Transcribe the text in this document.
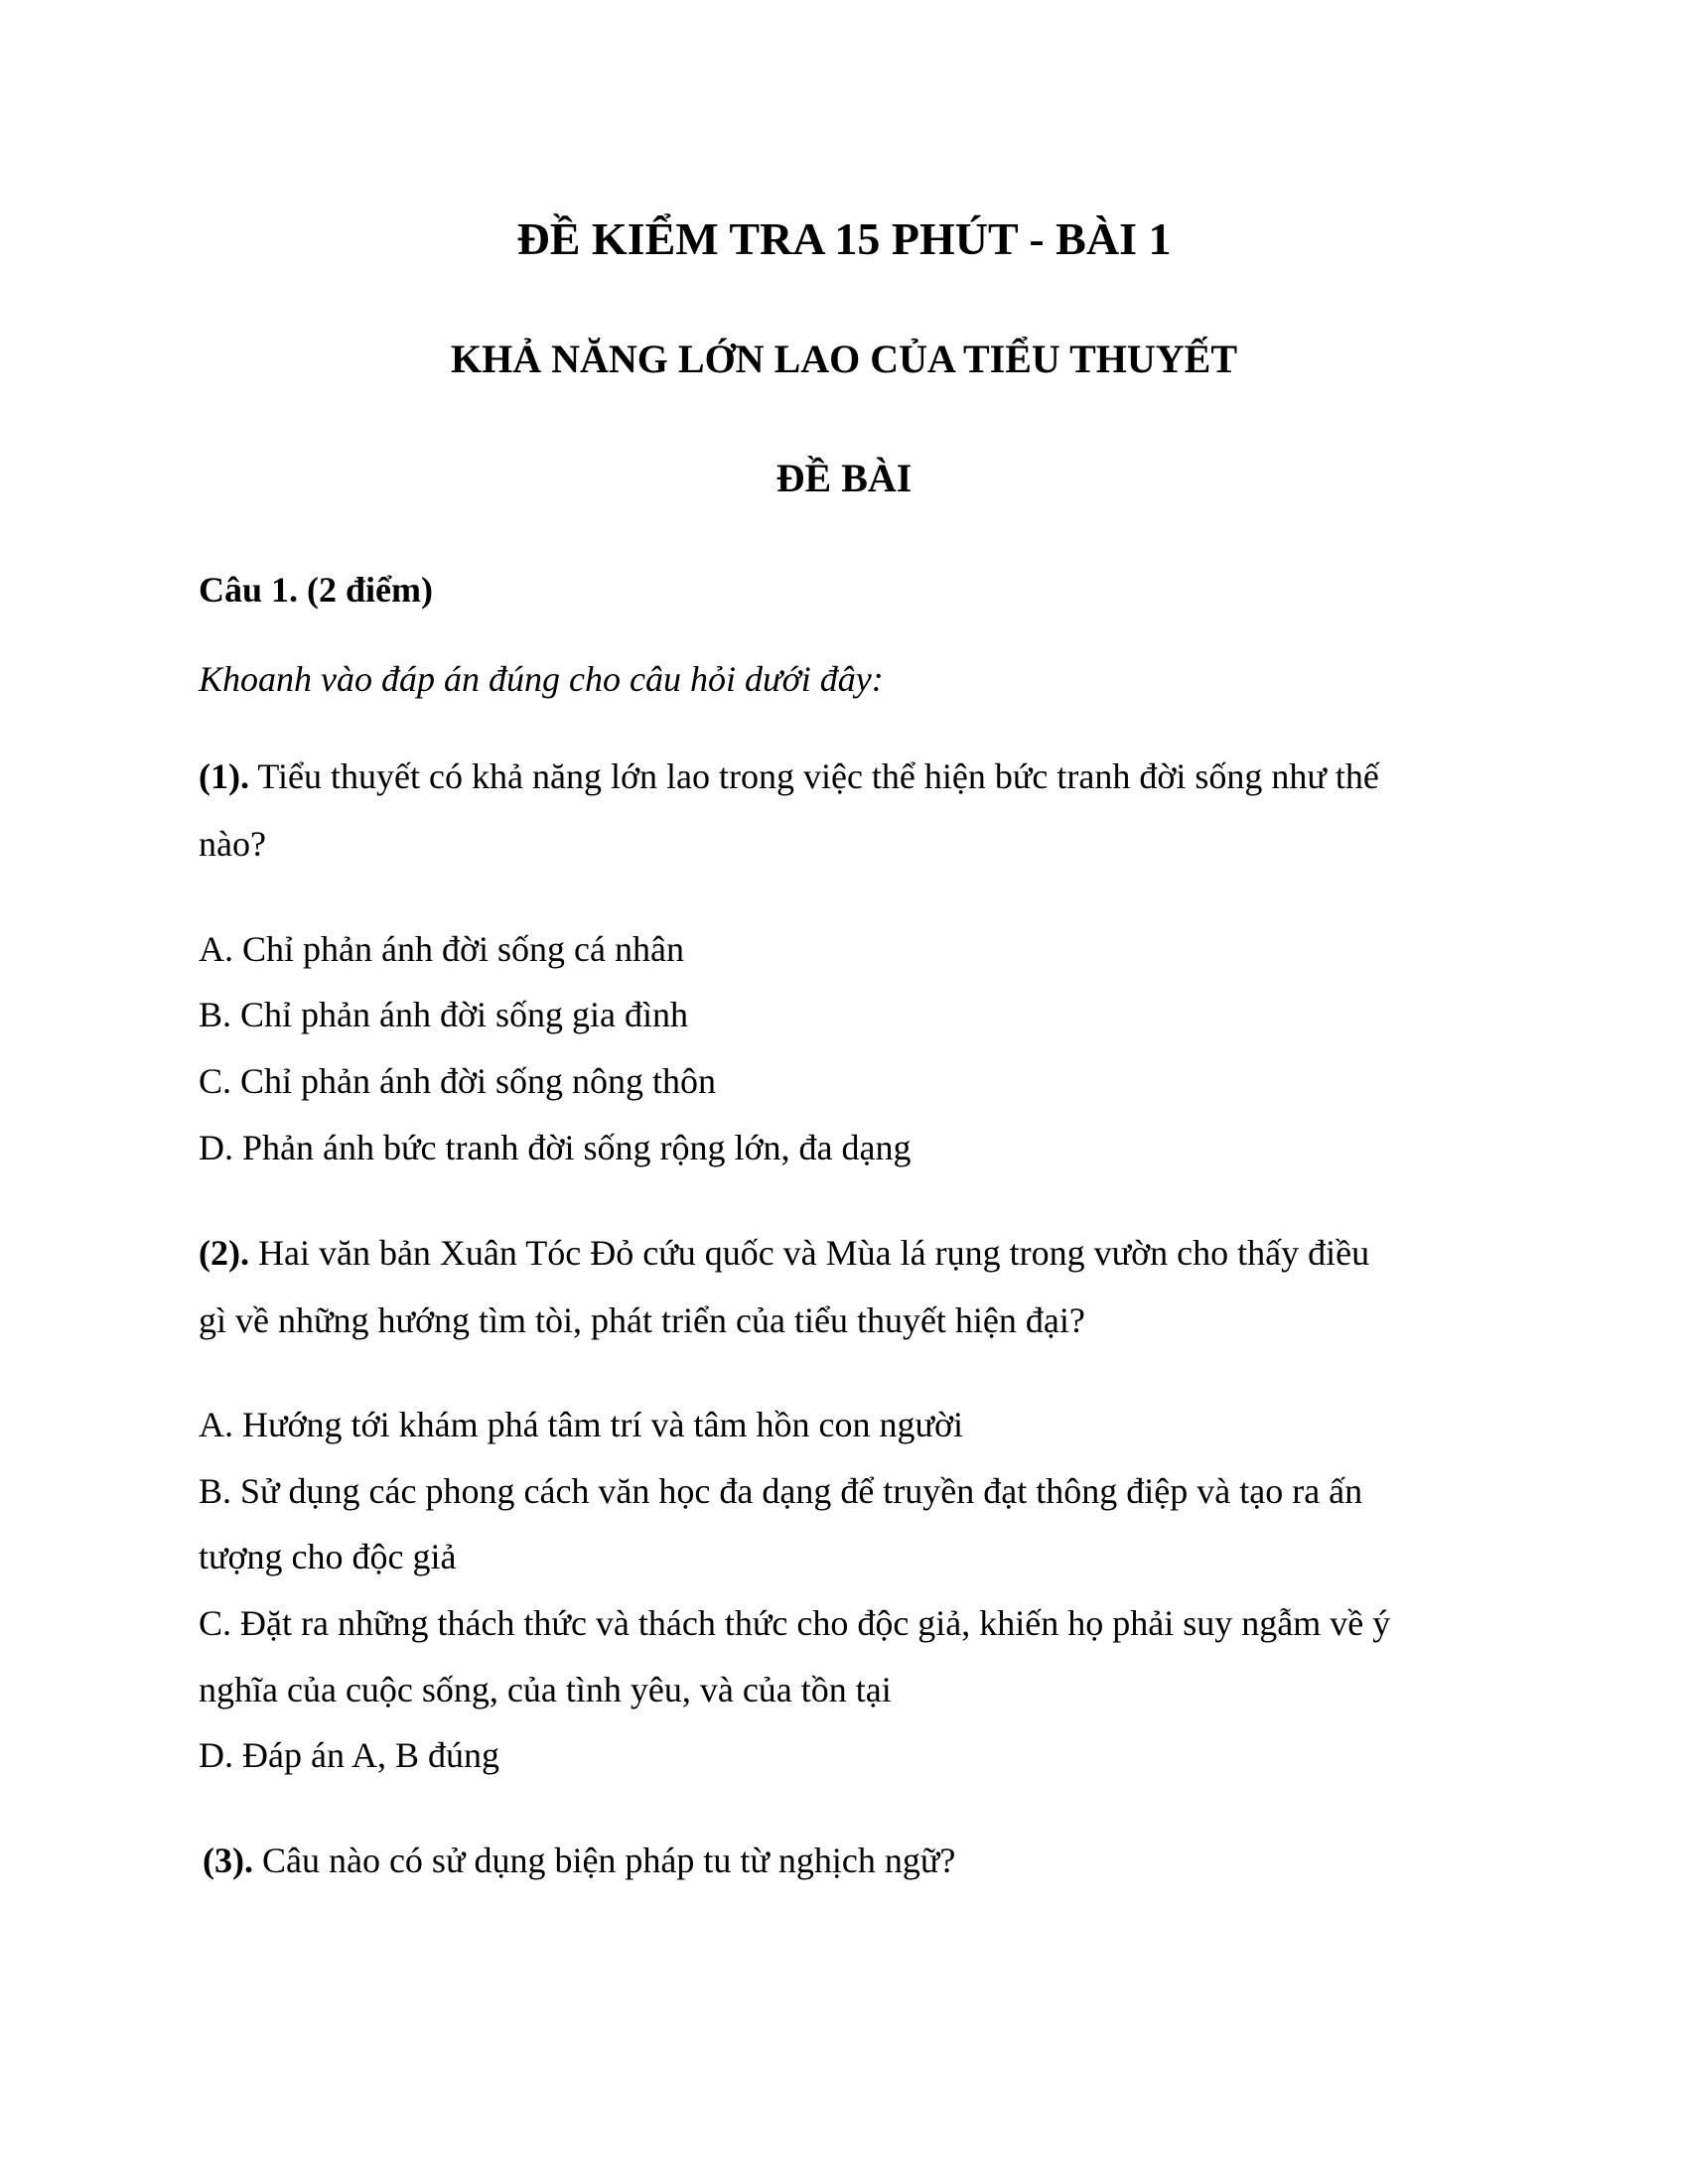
ĐỀ KIỂM TRA 15 PHÚT - BÀI 1
KHẢ NĂNG LỚN LAO CỦA TIỂU THUYẾT
ĐỀ BÀI
Câu 1. (2 điểm)
Khoanh vào đáp án đúng cho câu hỏi dưới đây:
(1). Tiểu thuyết có khả năng lớn lao trong việc thể hiện bức tranh đời sống như thế
nào?
A. Chỉ phản ánh đời sống cá nhân
B. Chỉ phản ánh đời sống gia đình
C. Chỉ phản ánh đời sống nông thôn
D. Phản ánh bức tranh đời sống rộng lớn, đa dạng
(2). Hai văn bản Xuân Tóc Đỏ cứu quốc và Mùa lá rụng trong vườn cho thấy điều
gì về những hướng tìm tòi, phát triển của tiểu thuyết hiện đại?
A. Hướng tới khám phá tâm trí và tâm hồn con người
B. Sử dụng các phong cách văn học đa dạng để truyền đạt thông điệp và tạo ra ấn
tượng cho độc giả
C. Đặt ra những thách thức và thách thức cho độc giả, khiến họ phải suy ngẫm về ý
nghĩa của cuộc sống, của tình yêu, và của tồn tại
D. Đáp án A, B đúng
(3). Câu nào có sử dụng biện pháp tu từ nghịch ngữ?
